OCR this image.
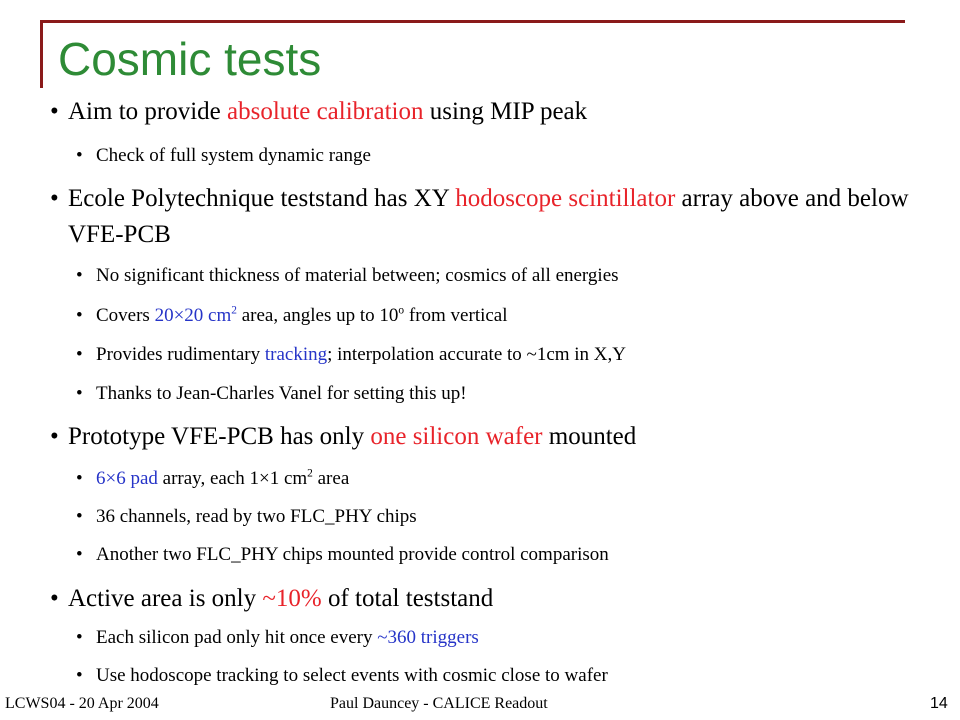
Cosmic tests
• Aim to provide absolute calibration using MIP peak
• Check of full system dynamic range
• Ecole Polytechnique teststand has XY hodoscope scintillator array above and below VFE-PCB
• No significant thickness of material between; cosmics of all energies
• Covers 20×20 $cm^2$ area, angles up to 10$^o$ from vertical
• Provides rudimentary tracking; interpolation accurate to ~1cm in X,Y
• Thanks to Jean-Charles Vanel for setting this up!
• Prototype VFE-PCB has only one silicon wafer mounted
• 6×6 pad array, each 1×1 $cm^2$ area
• 36 channels, read by two FLC_PHY chips
• Another two FLC_PHY chips mounted provide control comparison
• Active area is only ~10% of total teststand
• Each silicon pad only hit once every ~360 triggers
• Use hodoscope tracking to select events with cosmic close to wafer
LCWS04 - 20 Apr 2004	Paul Dauncey - CALICE Readout	14
